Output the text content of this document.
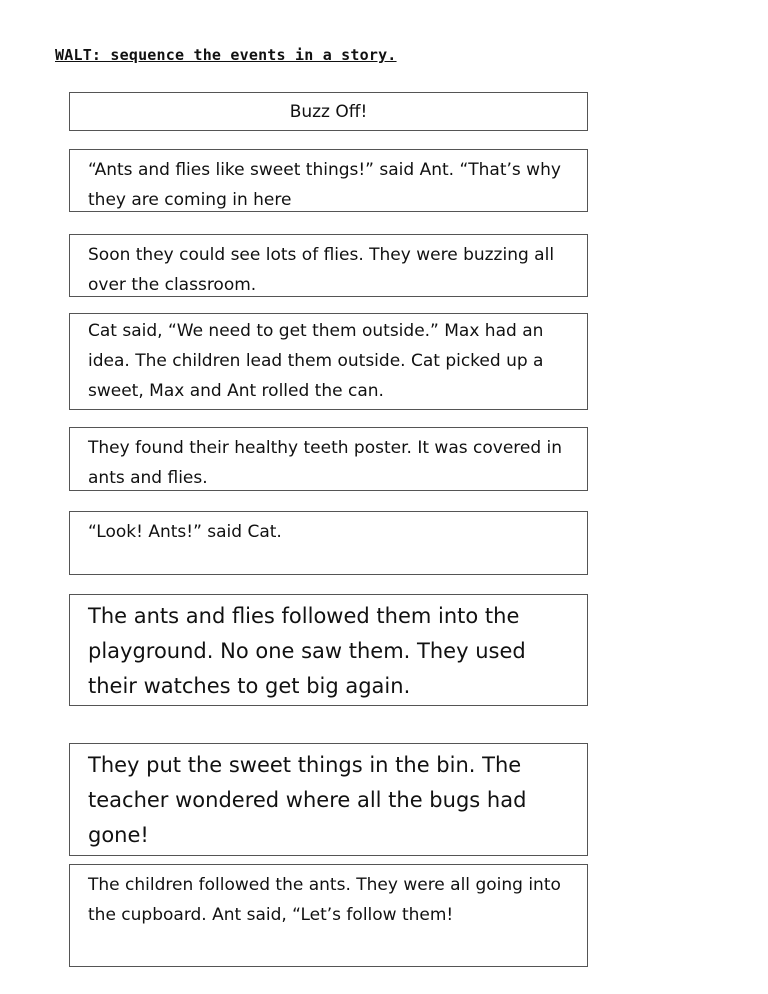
WALT: sequence the events in a story.
Buzz Off!
“Ants and flies like sweet things!” said Ant. “That’s why they are coming in here
Soon they could see lots of flies. They were buzzing all over the classroom.
Cat said, “We need to get them outside.” Max had an idea. The children lead them outside. Cat picked up a sweet, Max and Ant rolled the can.
They found their healthy teeth poster. It was covered in ants and flies.
“Look! Ants!” said Cat.
The ants and flies followed them into the playground. No one saw them. They used their watches to get big again.
They put the sweet things in the bin. The teacher wondered where all the bugs had gone!
The children followed the ants. They were all going into the cupboard. Ant said, “Let’s follow them!
